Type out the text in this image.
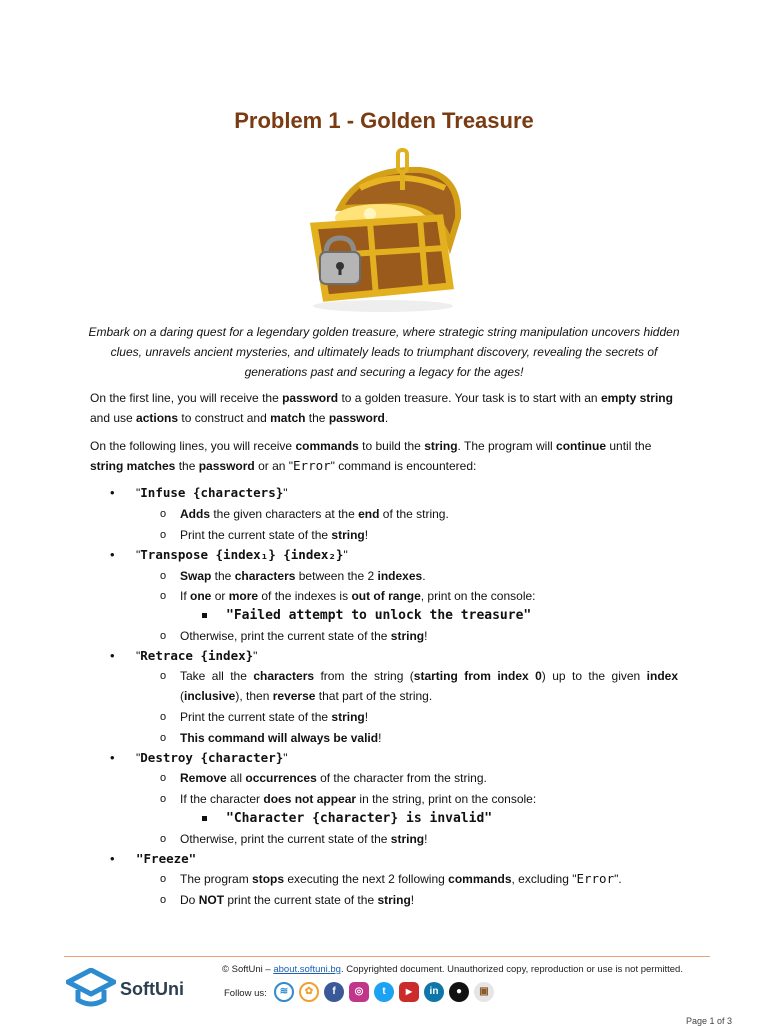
Problem 1 - Golden Treasure
Embark on a daring quest for a legendary golden treasure, where strategic string manipulation uncovers hidden clues, unravels ancient mysteries, and ultimately leads to triumphant discovery, revealing the secrets of generations past and securing a legacy for the ages!
On the first line, you will receive the password to a golden treasure. Your task is to start with an empty string and use actions to construct and match the password.
On the following lines, you will receive commands to build the string. The program will continue until the string matches the password or an "Error" command is encountered:
• "Infuse {characters}"
o Adds the given characters at the end of the string.
o Print the current state of the string!
• "Transpose {index₁} {index₂}"
o Swap the characters between the 2 indexes.
o If one or more of the indexes is out of range, print on the console:
"Failed attempt to unlock the treasure"
o Otherwise, print the current state of the string!
• "Retrace {index}"
o Take all the characters from the string (starting from index 0) up to the given index (inclusive), then reverse that part of the string.
o Print the current state of the string!
o This command will always be valid!
• "Destroy {character}"
o Remove all occurrences of the character from the string.
o If the character does not appear in the string, print on the console:
"Character {character} is invalid"
o Otherwise, print the current state of the string!
• "Freeze"
o The program stops executing the next 2 following commands, excluding "Error".
o Do NOT print the current state of the string!
SoftUni
© SoftUni – about.softuni.bg. Copyrighted document. Unauthorized copy, reproduction or use is not permitted.
Follow us:	≋	✿	f	◎	t	▶	in	●	▣
Page 1 of 3
